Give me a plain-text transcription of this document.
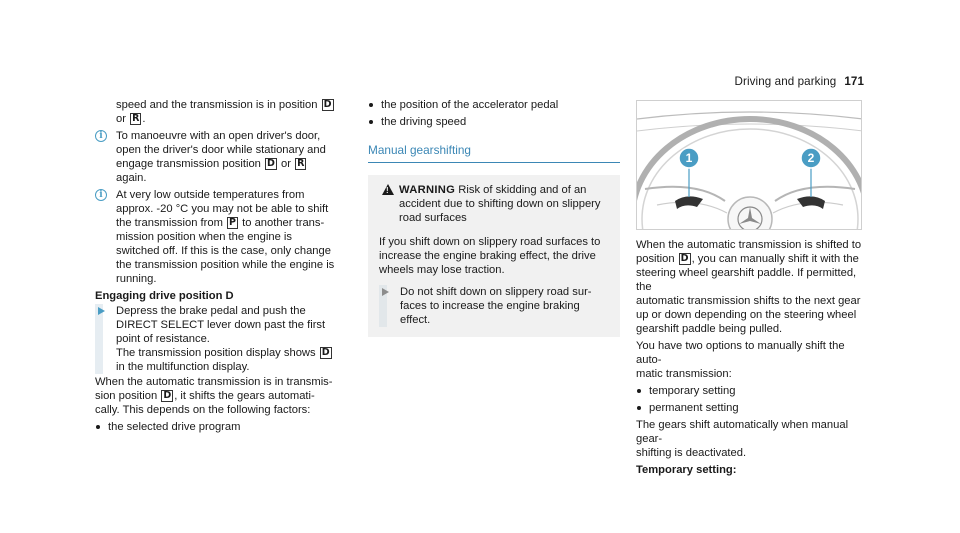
Driving and parking 171
speed and the transmission is in position D
or R .
i	To manoeuvre with an open driver's door,
open the driver's door while stationary and
engage transmission position D or R
again.
i	At very low outside temperatures from
approx. -20 °C you may not be able to shift
the transmission from P to another trans-
mission position when the engine is
switched off. If this is the case, only change
the transmission position while the engine is
running.
Engaging drive position D
Depress the brake pedal and push the
DIRECT SELECT lever down past the first
point of resistance.
The transmission position display shows D
in the multifunction display.
When the automatic transmission is in transmis-
sion position D , it shifts the gears automati-
cally. This depends on the following factors:
the selected drive program
the position of the accelerator pedal
the driving speed
Manual gearshifting
!
WARNING Risk of skidding and of an accident due to shifting down on slippery road surfaces
If you shift down on slippery road surfaces to increase the engine braking effect, the drive wheels may lose traction.
Do not shift down on slippery road sur-faces to increase the engine braking effect.
1	2
When the automatic transmission is shifted to
position D , you can manually shift it with the
steering wheel gearshift paddle. If permitted, the
automatic transmission shifts to the next gear
up or down depending on the steering wheel
gearshift paddle being pulled.
You have two options to manually shift the auto-
matic transmission:
temporary setting
permanent setting
The gears shift automatically when manual gear-
shifting is deactivated.
Temporary setting:
